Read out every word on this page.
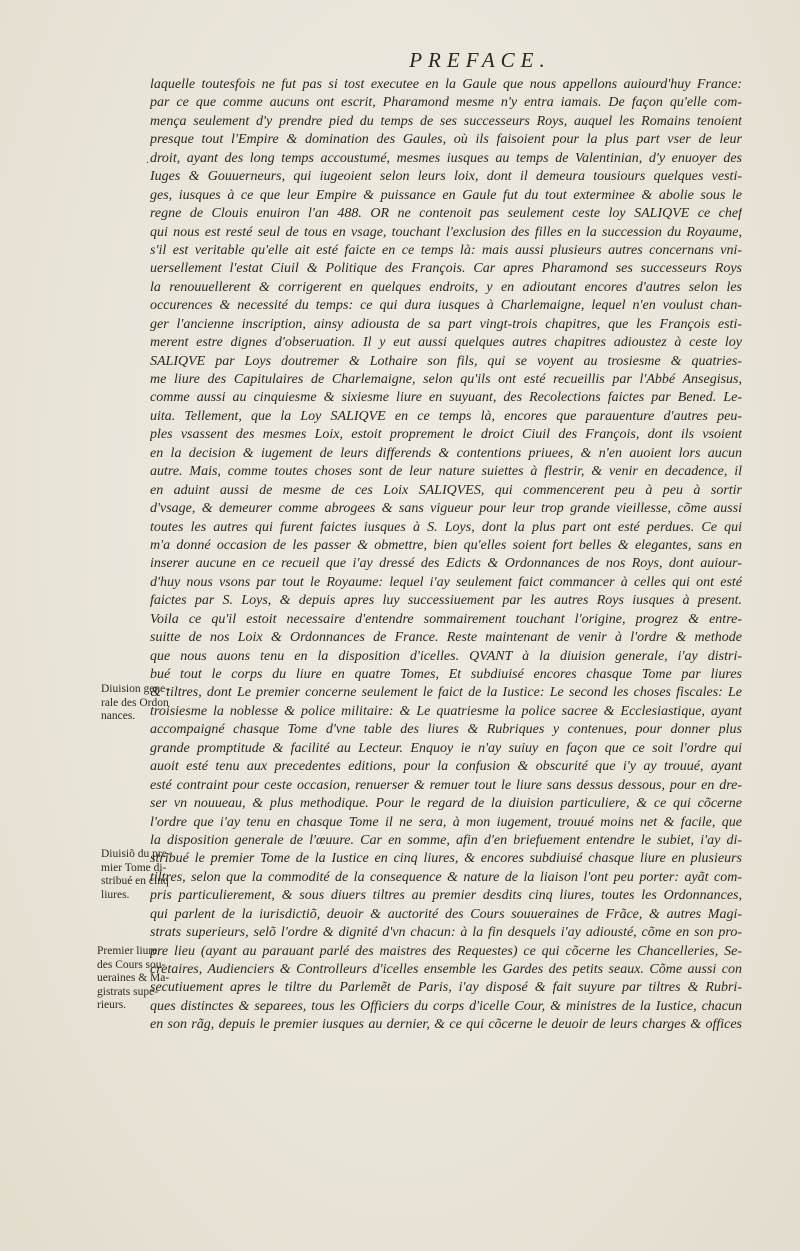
PREFACE.
laquelle toutesfois ne fut pas si tost executee en la Gaule que nous appellons auiourd'huy France:
par ce que comme aucuns ont escrit, Pharamond mesme n'y entra iamais. De façon qu'elle com-
mença seulement d'y prendre pied du temps de ses successeurs Roys, auquel les Romains tenoient
presque tout l'Empire & domination des Gaules, où ils faisoient pour la plus part vser de leur
droit, ayant des long temps accoustumé, mesmes iusques au temps de Valentinian, d'y enuoyer des
Iuges & Gouuerneurs, qui iugeoient selon leurs loix, dont il demeura tousiours quelques vesti-
ges, iusques à ce que leur Empire & puissance en Gaule fut du tout exterminee & abolie sous le
regne de Clouis enuiron l'an 488. OR ne contenoit pas seulement ceste loy SALIQVE ce chef
qui nous est resté seul de tous en vsage, touchant l'exclusion des filles en la succession du Royaume,
s'il est veritable qu'elle ait esté faicte en ce temps là: mais aussi plusieurs autres concernans vni-
uersellement l'estat Ciuil & Politique des François. Car apres Pharamond ses successeurs Roys
la renouuellerent & corrigerent en quelques endroits, y en adioutant encores d'autres selon les
occurences & necessité du temps: ce qui dura iusques à Charlemaigne, lequel n'en voulust chan-
ger l'ancienne inscription, ainsy adiousta de sa part vingt-trois chapitres, que les François esti-
merent estre dignes d'obseruation. Il y eut aussi quelques autres chapitres adioustez à ceste loy
SALIQVE par Loys doutremer & Lothaire son fils, qui se voyent au trosiesme & quatries-
me liure des Capitulaires de Charlemaigne, selon qu'ils ont esté recueillis par l'Abbé Ansegisus,
comme aussi au cinquiesme & sixiesme liure en suyuant, des Recolections faictes par Bened. Le-
uita. Tellement, que la Loy SALIQVE en ce temps là, encores que parauenture d'autres peu-
ples vsassent des mesmes Loix, estoit proprement le droict Ciuil des François, dont ils vsoient
en la decision & iugement de leurs differends & contentions priuees, & n'en auoient lors aucun
autre. Mais, comme toutes choses sont de leur nature suiettes à flestrir, & venir en decadence, il
en aduint aussi de mesme de ces Loix SALIQVES, qui commencerent peu à peu à sortir
d'vsage, & demeurer comme abrogees & sans vigueur pour leur trop grande vieillesse, cõme aussi
toutes les autres qui furent faictes iusques à S. Loys, dont la plus part ont esté perdues. Ce qui
m'a donné occasion de les passer & obmettre, bien qu'elles soient fort belles & elegantes, sans en
inserer aucune en ce recueil que i'ay dressé des Edicts & Ordonnances de nos Roys, dont auiour-
d'huy nous vsons par tout le Royaume: lequel i'ay seulement faict commancer à celles qui ont esté
faictes par S. Loys, & depuis apres luy successiuement par les autres Roys iusques à present.
Voila ce qu'il estoit necessaire d'entendre sommairement touchant l'origine, progrez & entre-
suitte de nos Loix & Ordonnances de France. Reste maintenant de venir à l'ordre & methode
que nous auons tenu en la disposition d'icelles. QVANT à la diuision generale, i'ay distri-
bué tout le corps du liure en quatre Tomes, Et subdiuisé encores chasque Tome par liures
& tiltres, dont Le premier concerne seulement le faict de la Iustice: Le second les choses fiscales: Le
troisiesme la noblesse & police militaire: & Le quatriesme la police sacree & Ecclesiastique, ayant
accompaigné chasque Tome d'vne table des liures & Rubriques y contenues, pour donner plus
grande promptitude & facilité au Lecteur. Enquoy ie n'ay suiuy en façon que ce soit l'ordre qui
auoit esté tenu aux precedentes editions, pour la confusion & obscurité que i'y ay trouué, ayant
esté contraint pour ceste occasion, renuerser & remuer tout le liure sans dessus dessous, pour en dre-
ser vn nouueau, & plus methodique. Pour le regard de la diuision particuliere, & ce qui cõcerne
l'ordre que i'ay tenu en chasque Tome il ne sera, à mon iugement, trouué moins net & facile, que
la disposition generale de l'œuure. Car en somme, afin d'en briefuement entendre le subiet, i'ay di-
stribué le premier Tome de la Iustice en cinq liures, & encores subdiuisé chasque liure en plusieurs
tiltres, selon que la commodité de la consequence & nature de la liaison l'ont peu porter: ayãt com-
pris particulierement, & sous diuers tiltres au premier desdits cinq liures, toutes les Ordonnances,
qui parlent de la iurisdictiõ, deuoir & auctorité des Cours souueraines de Frãce, & autres Magi-
strats superieurs, selõ l'ordre & dignité d'vn chacun: à la fin desquels i'ay adiousté, cõme en son pro-
pre lieu (ayant au parauant parlé des maistres des Requestes) ce qui cõcerne les Chancelleries, Se-
cretaires, Audienciers & Controlleurs d'icelles ensemble les Gardes des petits seaux. Cõme aussi con
secutiuement apres le tiltre du Parlemẽt de Paris, i'ay disposé & fait suyure par tiltres & Rubri-
ques distinctes & separees, tous les Officiers du corps d'icelle Cour, & ministres de la Iustice, chacun
en son rãg, depuis le premier iusques au dernier, & ce qui cõcerne le deuoir de leurs charges & offices
Diuision gene-
rale des Ordon
nances.
Diuisiõ du pre-
mier Tome di-
stribué en cinq
liures.
Premier liure
des Cours sou-
ueraines & Ma-
gistrats supe-
rieurs.
.
